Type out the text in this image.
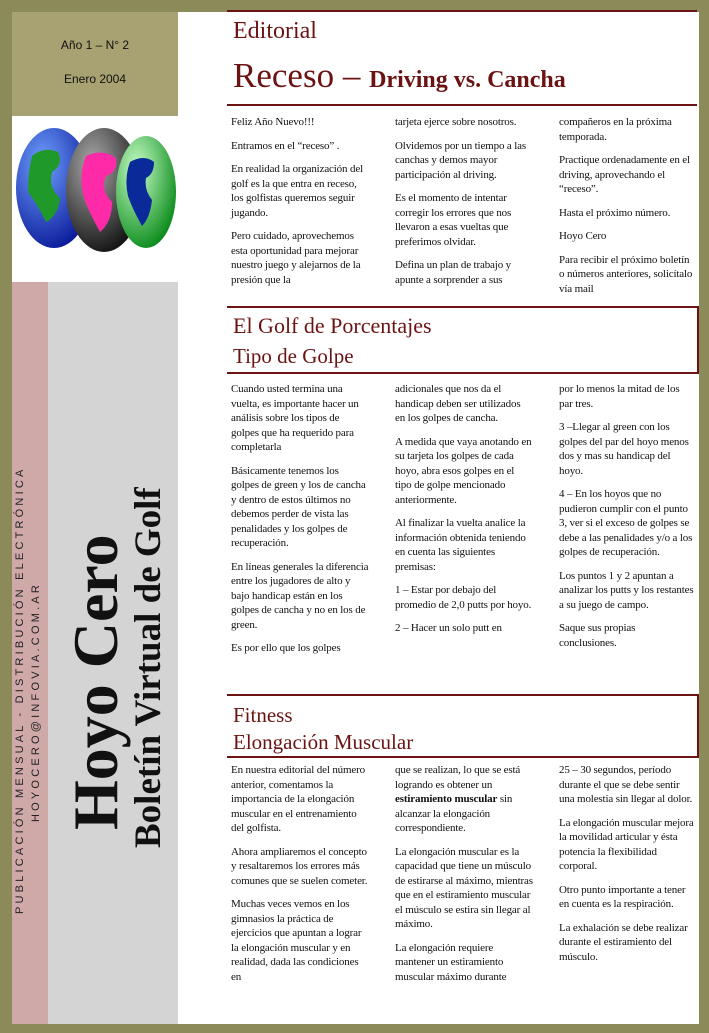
Año 1 – N° 2
Enero 2004
PUBLICACIÓN MENSUAL - DISTRIBUCIÓN ELECTRÓNICA HOYOCERO@INFOVIA.COM.AR Hoyo Cero
Boletín Virtual de Golf
Editorial
Receso – Driving vs. Cancha

Feliz Año Nuevo!!!

Entramos en el “receso” .

En realidad la organización del golf es la que entra en receso, los golfistas queremos seguir jugando.

Pero cuidado, aprovechemos esta oportunidad para mejorar nuestro juego y alejarnos de la presión que la

tarjeta ejerce sobre nosotros.

Olvidemos por un tiempo a las canchas y demos mayor participación al driving.

Es el momento de intentar corregir los errores que nos llevaron a esas vueltas que preferimos olvidar.

Defina un plan de trabajo y apunte a sorprender a sus

compañeros en la próxima temporada.

Practique ordenadamente en el driving, aprovechando el “receso”.

Hasta el próximo número.

Hoyo Cero

Para recibir el próximo boletín o números anteriores, solicítalo vía mail

El Golf de Porcentajes
Tipo de Golpe

Cuando usted termina una vuelta, es importante hacer un análisis sobre los tipos de golpes que ha requerido para completarla

Básicamente tenemos los golpes de green y los de cancha y dentro de estos últimos no debemos perder de vista las penalidades y los golpes de recuperación.

En líneas generales la diferencia entre los jugadores de alto y bajo handicap están en los golpes de cancha y no en los de green.

Es por ello que los golpes

adicionales que nos da el handicap deben ser utilizados en los golpes de cancha.

A medida que vaya anotando en su tarjeta los golpes de cada hoyo, abra esos golpes en el tipo de golpe mencionado anteriormente.

Al finalizar la vuelta analice la información obtenida teniendo en cuenta las siguientes premisas:

1 – Estar por debajo del promedio de 2,0 putts por hoyo.

2 – Hacer un solo putt en

por lo menos la mitad de los par tres.

3 –Llegar al green con los golpes del par del hoyo menos dos y mas su handicap del hoyo.

4 – En los hoyos que no pudieron cumplir con el punto 3, ver si el exceso de golpes se debe a las penalidades y/o a los golpes de recuperación.

Los puntos 1 y 2 apuntan a analizar los putts y los restantes a su juego de campo.

Saque sus propias conclusiones.

Fitness
Elongación Muscular

En nuestra editorial del número anterior, comentamos la importancia de la elongación muscular en el entrenamiento del golfista.

Ahora ampliaremos el concepto y resaltaremos los errores más comunes que se suelen cometer.

Muchas veces vemos en los gimnasios la práctica de ejercicios que apuntan a lograr la elongación muscular y en realidad, dada las condiciones en

que se realizan, lo que se está logrando es obtener un estiramiento muscular sin alcanzar la elongación correspondiente.

La elongación muscular es la capacidad que tiene un músculo de estirarse al máximo, mientras que en el estiramiento muscular el músculo se estira sin llegar al máximo.

La elongación requiere mantener un estiramiento muscular máximo durante

25 – 30 segundos, período durante el que se debe sentir una molestia sin llegar al dolor.

La elongación muscular mejora la movilidad articular y ésta potencia la flexibilidad corporal.

Otro punto importante a tener en cuenta es la respiración.

La exhalación se debe realizar durante el estiramiento del músculo.
